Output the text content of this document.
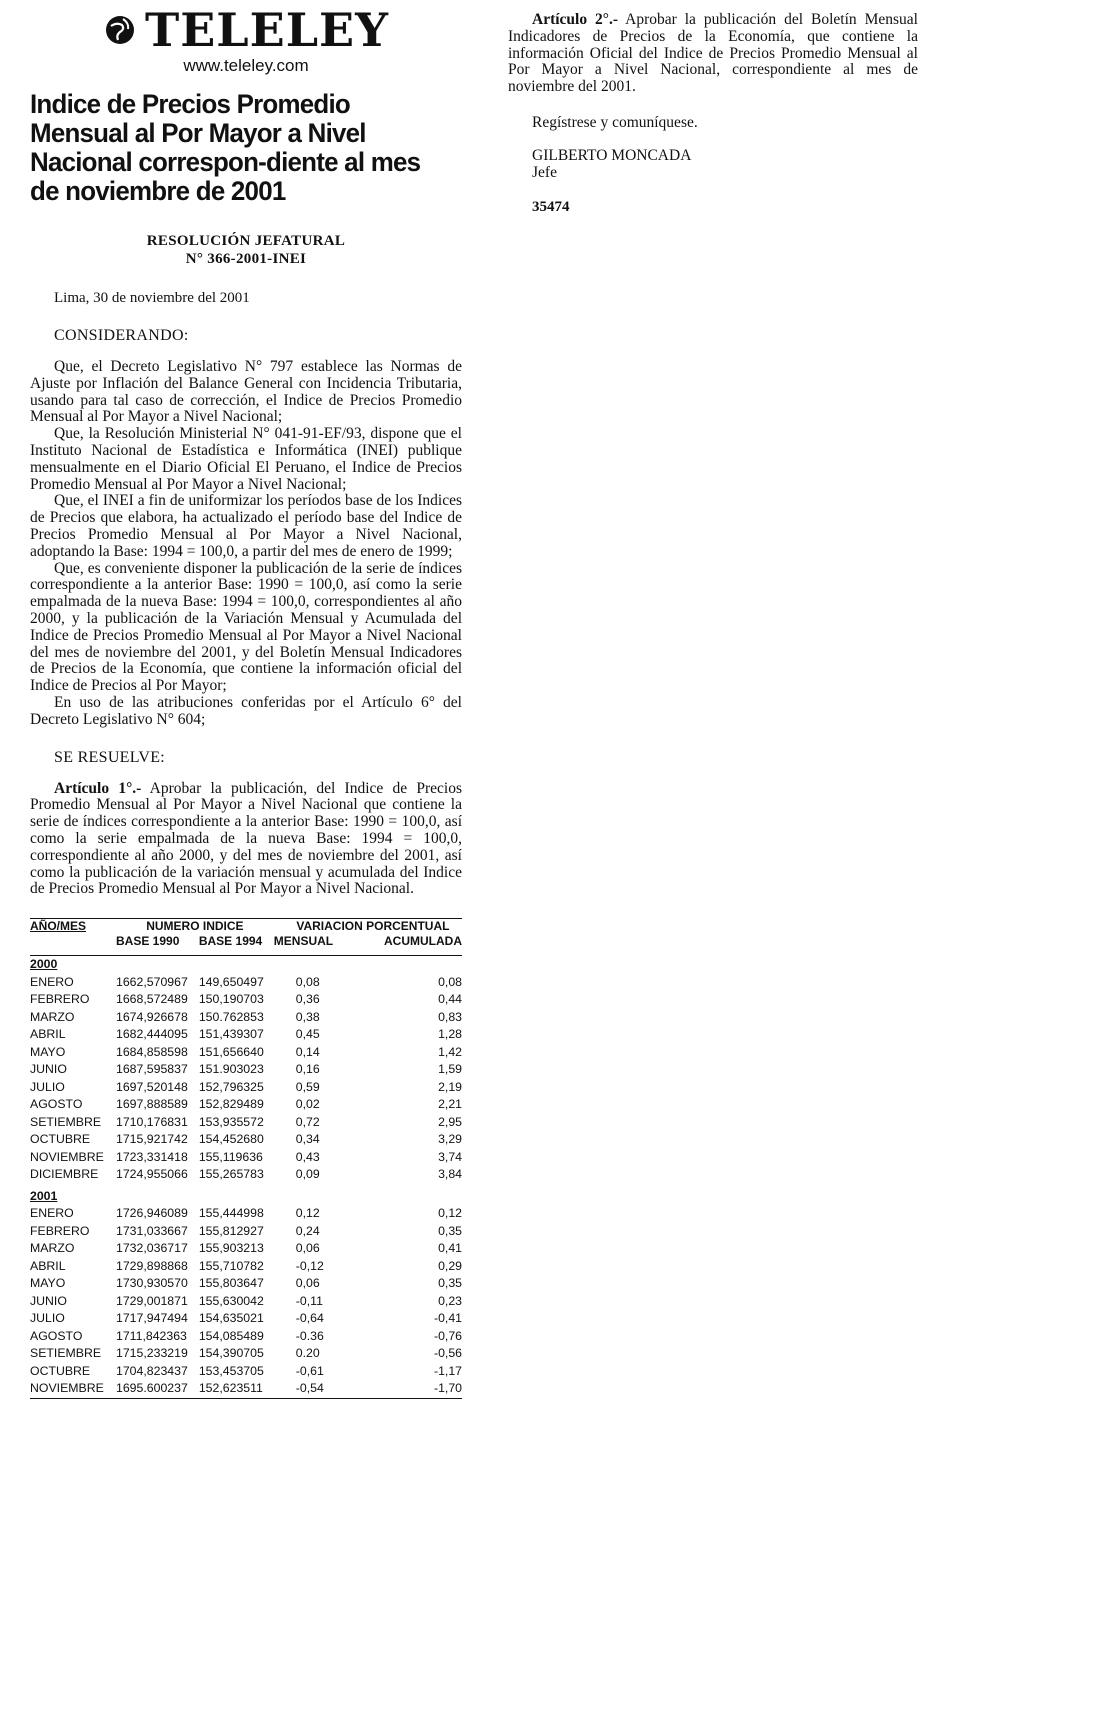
TELELEY
www.teleley.com
Indice de Precios Promedio Mensual al Por Mayor a Nivel Nacional correspon-diente al mes de noviembre de 2001
RESOLUCIÓN JEFATURAL
N° 366-2001-INEI
Lima, 30 de noviembre del 2001
CONSIDERANDO:

Que, el Decreto Legislativo N° 797 establece las Normas de Ajuste por Inflación del Balance General con Incidencia Tributaria, usando para tal caso de corrección, el Indice de Precios Promedio Mensual al Por Mayor a Nivel Nacional;

Que, la Resolución Ministerial N° 041-91-EF/93, dispone que el Instituto Nacional de Estadística e Informática (INEI) publique mensualmente en el Diario Oficial El Peruano, el Indice de Precios Promedio Mensual al Por Mayor a Nivel Nacional;

Que, el INEI a fin de uniformizar los períodos base de los Indices de Precios que elabora, ha actualizado el período base del Indice de Precios Promedio Mensual al Por Mayor a Nivel Nacional, adoptando la Base: 1994 = 100,0, a partir del mes de enero de 1999;

Que, es conveniente disponer la publicación de la serie de índices correspondiente a la anterior Base: 1990 = 100,0, así como la serie empalmada de la nueva Base: 1994 = 100,0, correspondientes al año 2000, y la publicación de la Variación Mensual y Acumulada del Indice de Precios Promedio Mensual al Por Mayor a Nivel Nacional del mes de noviembre del 2001, y del Boletín Mensual Indicadores de Precios de la Economía, que contiene la información oficial del Indice de Precios al Por Mayor;

En uso de las atribuciones conferidas por el Artículo 6° del Decreto Legislativo N° 604;

SE RESUELVE:

Artículo 1°.- Aprobar la publicación, del Indice de Precios Promedio Mensual al Por Mayor a Nivel Nacional que contiene la serie de índices correspondiente a la anterior Base: 1990 = 100,0, así como la serie empalmada de la nueva Base: 1994 = 100,0, correspondiente al año 2000, y del mes de noviembre del 2001, así como la publicación de la variación mensual y acumulada del Indice de Precios Promedio Mensual al Por Mayor a Nivel Nacional.

AÑO/MES	NUMERO INDICE		VARIACION PORCENTUAL	
	BASE 1990	BASE 1994	MENSUAL	ACUMULADA

2000				
ENERO	1662,570967	149,650497	0,08	0,08
FEBRERO	1668,572489	150,190703	0,36	0,44
MARZO	1674,926678	150.762853	0,38	0,83
ABRIL	1682,444095	151,439307	0,45	1,28
MAYO	1684,858598	151,656640	0,14	1,42
JUNIO	1687,595837	151.903023	0,16	1,59
JULIO	1697,520148	152,796325	0,59	2,19
AGOSTO	1697,888589	152,829489	0,02	2,21
SETIEMBRE	1710,176831	153,935572	0,72	2,95
OCTUBRE	1715,921742	154,452680	0,34	3,29
NOVIEMBRE	1723,331418	155,119636	0,43	3,74
DICIEMBRE	1724,955066	155,265783	0,09	3,84

2001				
ENERO	1726,946089	155,444998	0,12	0,12
FEBRERO	1731,033667	155,812927	0,24	0,35
MARZO	1732,036717	155,903213	0,06	0,41
ABRIL	1729,898868	155,710782	-0,12	0,29
MAYO	1730,930570	155,803647	0,06	0,35
JUNIO	1729,001871	155,630042	-0,11	0,23
JULIO	1717,947494	154,635021	-0,64	-0,41
AGOSTO	1711,842363	154,085489	-0.36	-0,76
SETIEMBRE	1715,233219	154,390705	0.20	-0,56
OCTUBRE	1704,823437	153,453705	-0,61	-1,17
NOVIEMBRE	1695.600237	152,623511	-0,54	-1,70

Artículo 2°.- Aprobar la publicación del Boletín Mensual Indicadores de Precios de la Economía, que contiene la información Oficial del Indice de Precios Promedio Mensual al Por Mayor a Nivel Nacional, correspondiente al mes de noviembre del 2001.

Regístrese y comuníquese.
GILBERTO MONCADA
Jefe
35474
